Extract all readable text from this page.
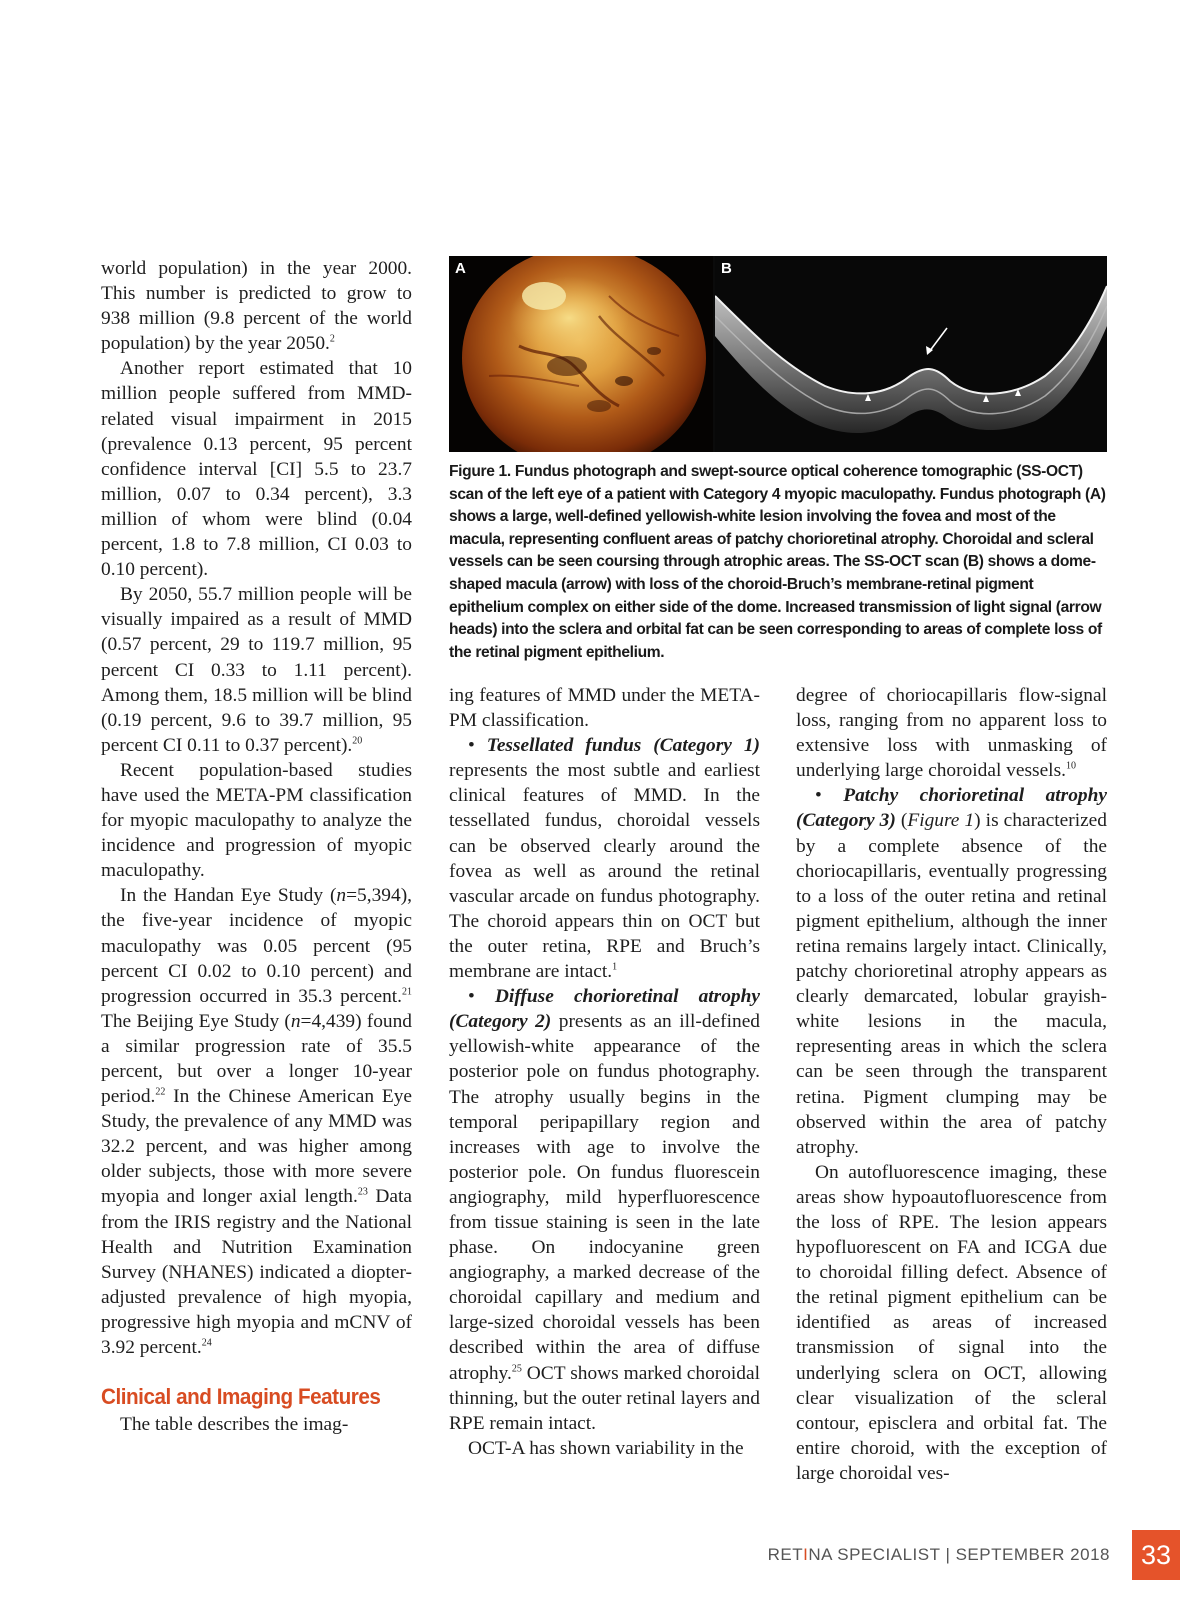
world population) in the year 2000. This number is predicted to grow to 938 million (9.8 percent of the world population) by the year 2050.$^2$

Another report estimated that 10 million people suffered from MMD-related visual impairment in 2015 (prevalence 0.13 percent, 95 percent confidence interval [CI] 5.5 to 23.7 million, 0.07 to 0.34 percent), 3.3 million of whom were blind (0.04 percent, 1.8 to 7.8 million, CI 0.03 to 0.10 percent).

By 2050, 55.7 million people will be visually impaired as a result of MMD (0.57 percent, 29 to 119.7 million, 95 percent CI 0.33 to 1.11 percent). Among them, 18.5 million will be blind (0.19 percent, 9.6 to 39.7 million, 95 percent CI 0.11 to 0.37 percent).$^{20}$

Recent population-based studies have used the META-PM classification for myopic maculopathy to analyze the incidence and progression of myopic maculopathy.

In the Handan Eye Study (n=5,394), the five-year incidence of myopic maculopathy was 0.05 percent (95 percent CI 0.02 to 0.10 percent) and progression occurred in 35.3 percent.$^{21}$ The Beijing Eye Study (n=4,439) found a similar progression rate of 35.5 percent, but over a longer 10-year period.$^{22}$ In the Chinese American Eye Study, the prevalence of any MMD was 32.2 percent, and was higher among older subjects, those with more severe myopia and longer axial length.$^{23}$ Data from the IRIS registry and the National Health and Nutrition Examination Survey (NHANES) indicated a diopter-adjusted prevalence of high myopia, progressive high myopia and mCNV of 3.92 percent.$^{24}$

Clinical and Imaging Features

The table describes the imag-

A	B
Figure 1. Fundus photograph and swept-source optical coherence tomographic (SS-OCT) scan of the left eye of a patient with Category 4 myopic maculopathy. Fundus photograph (A) shows a large, well-defined yellowish-white lesion involving the fovea and most of the macula, representing confluent areas of patchy chorioretinal atrophy. Choroidal and scleral vessels can be seen coursing through atrophic areas. The SS-OCT scan (B) shows a dome-shaped macula (arrow) with loss of the choroid-Bruch’s membrane-retinal pigment epithelium complex on either side of the dome. Increased transmission of light signal (arrow heads) into the sclera and orbital fat can be seen corresponding to areas of complete loss of the retinal pigment epithelium.

ing features of MMD under the META-PM classification.

• Tessellated fundus (Category 1) represents the most subtle and earliest clinical features of MMD. In the tessellated fundus, choroidal vessels can be observed clearly around the fovea as well as around the retinal vascular arcade on fundus photography. The choroid appears thin on OCT but the outer retina, RPE and Bruch’s membrane are intact.$^1$

• Diffuse chorioretinal atrophy (Category 2) presents as an ill-defined yellowish-white appearance of the posterior pole on fundus photography. The atrophy usually begins in the temporal peripapillary region and increases with age to involve the posterior pole. On fundus fluorescein angiography, mild hyperfluorescence from tissue staining is seen in the late phase. On indocyanine green angiography, a marked decrease of the choroidal capillary and medium and large-sized choroidal vessels has been described within the area of diffuse atrophy.$^{25}$ OCT shows marked choroidal thinning, but the outer retinal layers and RPE remain intact.

OCT-A has shown variability in the

degree of choriocapillaris flow-signal loss, ranging from no apparent loss to extensive loss with unmasking of underlying large choroidal vessels.$^{10}$

• Patchy chorioretinal atrophy (Category 3) (Figure 1) is characterized by a complete absence of the choriocapillaris, eventually progressing to a loss of the outer retina and retinal pigment epithelium, although the inner retina remains largely intact. Clinically, patchy chorioretinal atrophy appears as clearly demarcated, lobular grayish-white lesions in the macula, representing areas in which the sclera can be seen through the transparent retina. Pigment clumping may be observed within the area of patchy atrophy.

On autofluorescence imaging, these areas show hypoautofluorescence from the loss of RPE. The lesion appears hypofluorescent on FA and ICGA due to choroidal filling defect. Absence of the retinal pigment epithelium can be identified as areas of increased transmission of signal into the underlying sclera on OCT, allowing clear visualization of the scleral contour, episclera and orbital fat. The entire choroid, with the exception of large choroidal ves-

RETINA SPECIALIST | SEPTEMBER 2018	33
